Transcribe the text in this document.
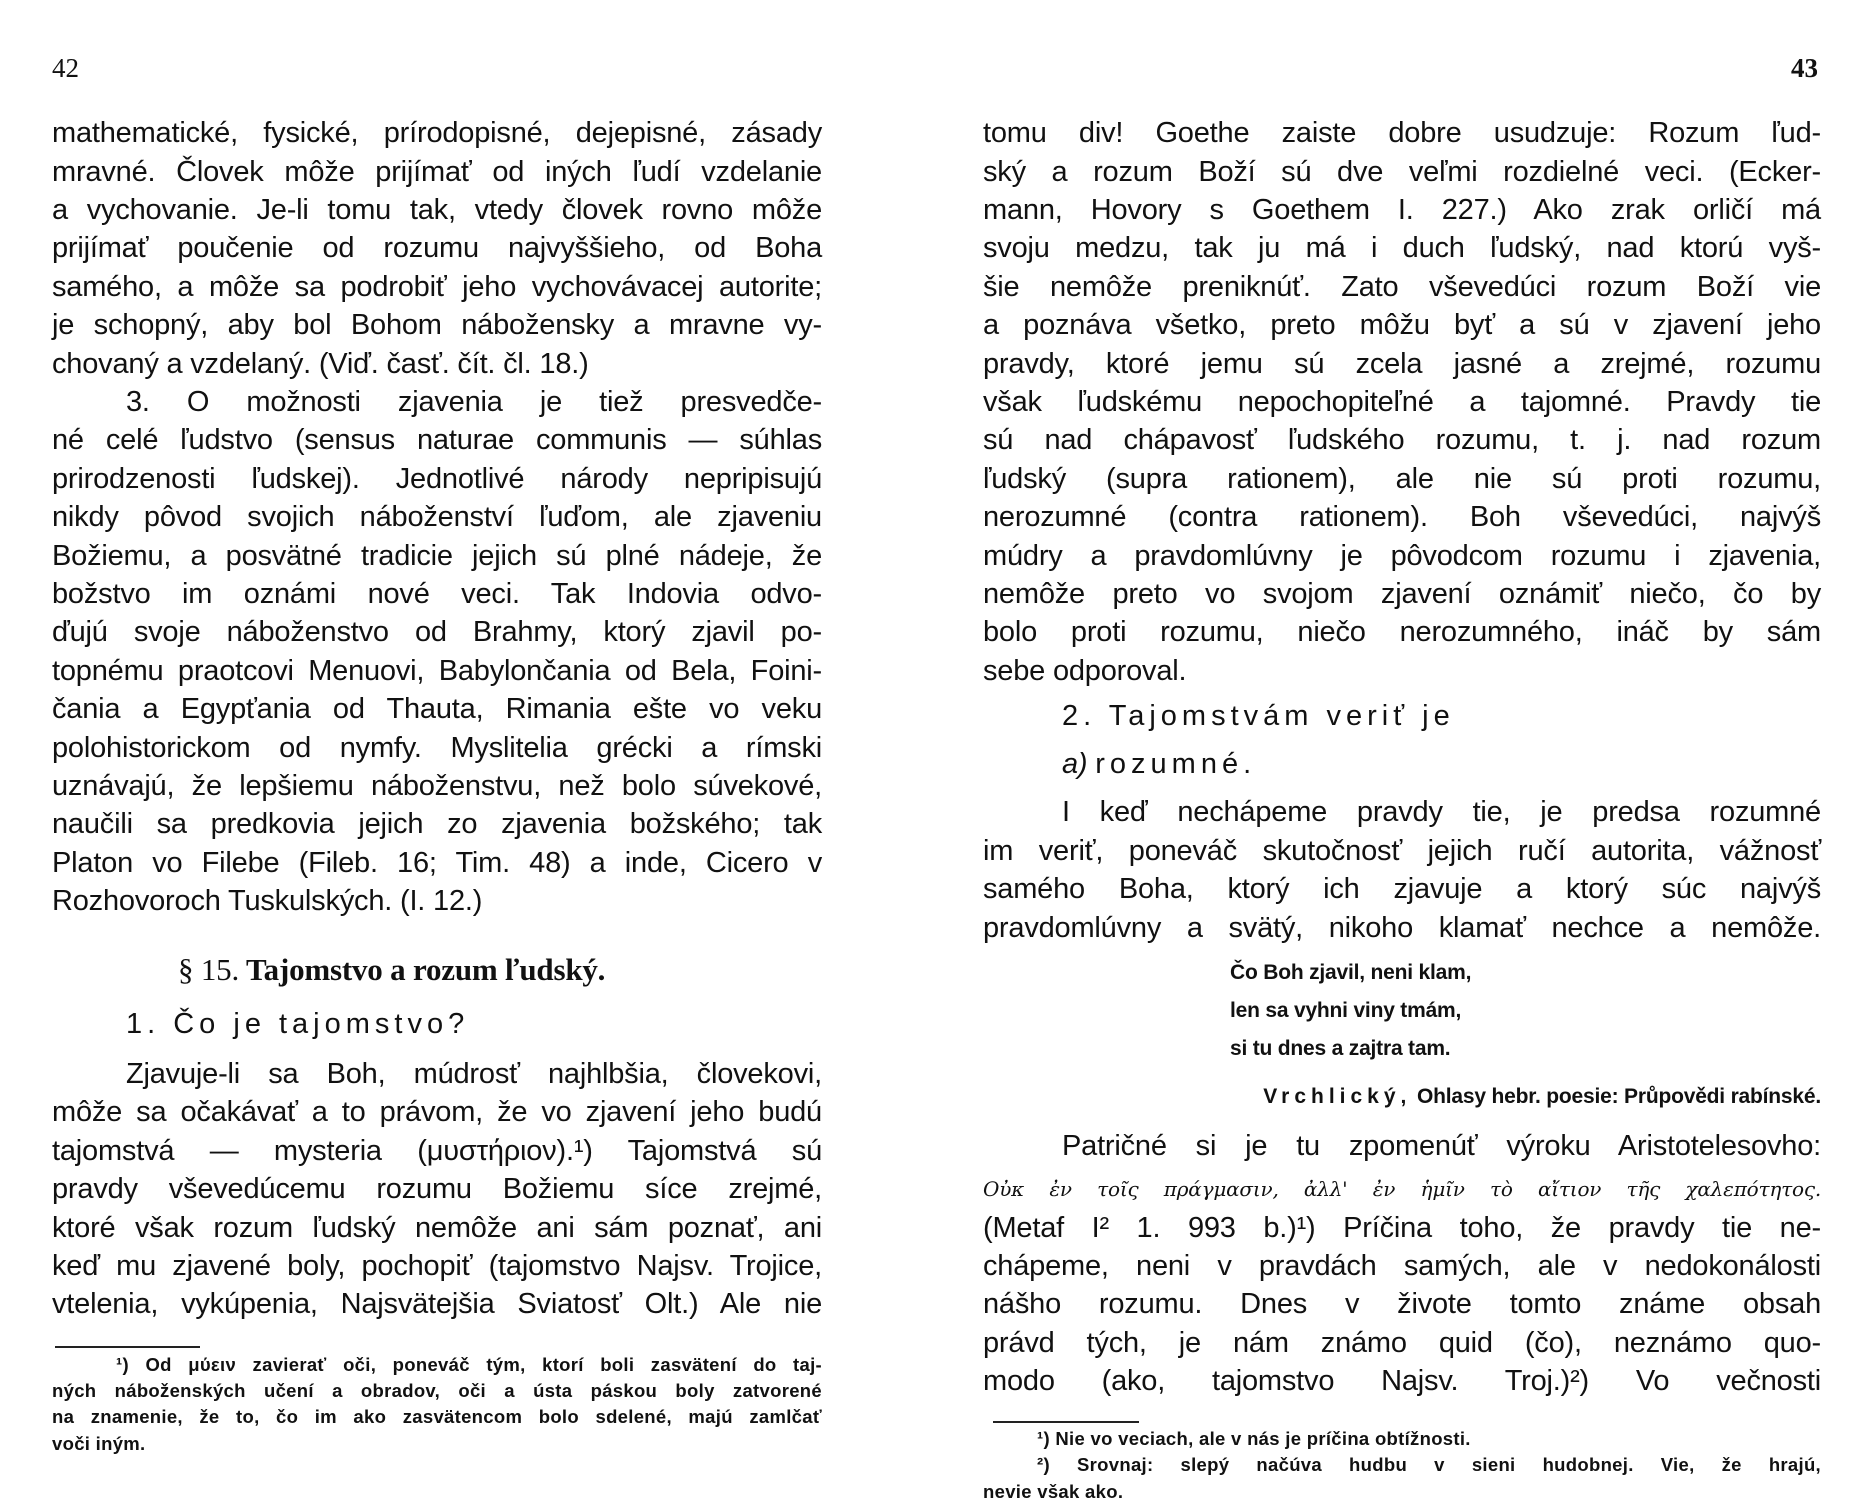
42
mathematické, fysické, prírodopisné, dejepisné, zásady
mravné. Človek môže prijímať od iných ľudí vzdelanie
a vychovanie. Je-li tomu tak, vtedy človek rovno môže
prijímať poučenie od rozumu najvyššieho, od Boha
samého, a môže sa podrobiť jeho vychovávacej autorite;
je schopný, aby bol Bohom nábožensky a mravne vy-
chovaný a vzdelaný. (Viď. časť. čít. čl. 18.)
3. O možnosti zjavenia je tiež presvedče-
né celé ľudstvo (sensus naturae communis — súhlas
prirodzenosti ľudskej). Jednotlivé národy nepripisujú
nikdy pôvod svojich náboženství ľuďom, ale zjaveniu
Božiemu, a posvätné tradicie jejich sú plné nádeje, že
božstvo im oznámi nové veci. Tak Indovia odvo-
ďujú svoje náboženstvo od Brahmy, ktorý zjavil po-
topnému praotcovi Menuovi, Babylončania od Bela, Foini-
čania a Egypťania od Thauta, Rimania ešte vo veku
polohistorickom od nymfy. Myslitelia grécki a rímski
uznávajú, že lepšiemu náboženstvu, než bolo súvekové,
naučili sa predkovia jejich zo zjavenia božského; tak
Platon vo Filebe (Fileb. 16; Tim. 48) a inde, Cicero v
Rozhovoroch Tuskulských. (I. 12.)
§ 15. Tajomstvo a rozum ľudský.
1. Čo je tajomstvo?
Zjavuje-li sa Boh, múdrosť najhlbšia, človekovi,
môže sa očakávať a to právom, že vo zjavení jeho budú
tajomstvá — mysteria (μυστήριον).¹) Tajomstvá sú
pravdy vševedúcemu rozumu Božiemu síce zrejmé,
ktoré však rozum ľudský nemôže ani sám poznať, ani
keď mu zjavené boly, pochopiť (tajomstvo Najsv. Trojice,
vtelenia, vykúpenia, Najsvätejšia Sviatosť Olt.) Ale nie
¹) Od μύειν zavierať oči, poneváč tým, ktorí boli zasvätení do taj-
ných náboženských učení a obradov, oči a ústa páskou boly zatvorené
na znamenie, že to, čo im ako zasvätencom bolo sdelené, majú zamlčať
voči iným.
43
tomu div! Goethe zaiste dobre usudzuje: Rozum ľud-
ský a rozum Boží sú dve veľmi rozdielné veci. (Ecker-
mann, Hovory s Goethem I. 227.) Ako zrak orličí má
svoju medzu, tak ju má i duch ľudský, nad ktorú vyš-
šie nemôže preniknúť. Zato vševedúci rozum Boží vie
a poznáva všetko, preto môžu byť a sú v zjavení jeho
pravdy, ktoré jemu sú zcela jasné a zrejmé, rozumu
však ľudskému nepochopiteľné a tajomné. Pravdy tie
sú nad chápavosť ľudského rozumu, t. j. nad rozum
ľudský (supra rationem), ale nie sú proti rozumu,
nerozumné (contra rationem). Boh vševedúci, najvýš
múdry a pravdomlúvny je pôvodcom rozumu i zjavenia,
nemôže preto vo svojom zjavení oznámiť niečo, čo by
bolo proti rozumu, niečo nerozumného, ináč by sám
sebe odporoval.
2. Tajomstvám veriť je
a) rozumné.
I keď nechápeme pravdy tie, je predsa rozumné
im veriť, poneváč skutočnosť jejich ručí autorita, vážnosť
samého Boha, ktorý ich zjavuje a ktorý súc najvýš
pravdomlúvny a svätý, nikoho klamať nechce a nemôže.
Čo Boh zjavil, neni klam,
len sa vyhni viny tmám,
si tu dnes a zajtra tam.
Vrchlický, Ohlasy hebr. poesie: Průpovědi rabínské.
Patričné si je tu zpomenúť výroku Aristotelesovho:
Οὐκ ἐν τοῖς πράγμασιν, ἀλλ' ἐν ἡμῖν τὸ αἴτιον τῆς χαλεπότητος.
(Metaf I² 1. 993 b.)¹) Príčina toho, že pravdy tie ne-
chápeme, neni v pravdách samých, ale v nedokonálosti
nášho rozumu. Dnes v živote tomto známe obsah
právd tých, je nám známo quid (čo), neznámo quo-
modo (ako, tajomstvo Najsv. Troj.)²) Vo večnosti
¹) Nie vo veciach, ale v nás je príčina obtížnosti.
²) Srovnaj: slepý načúva hudbu v sieni hudobnej. Vie, že hrajú,
nevie však ako.
